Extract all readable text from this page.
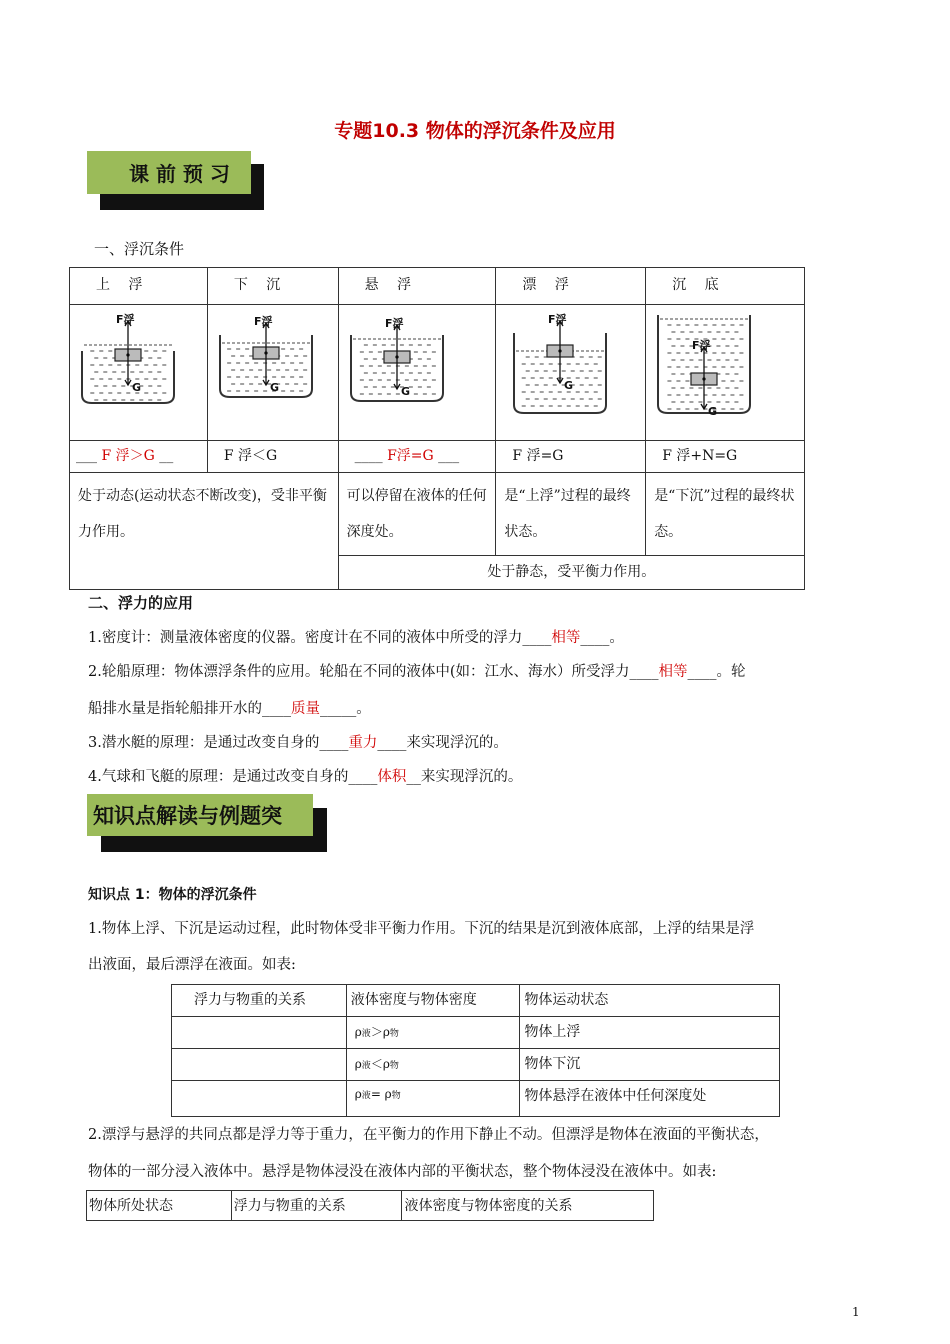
专题10.3 物体的浮沉条件及应用
课 前 预 习
一、浮沉条件
上　 浮	下　 沉	悬　 浮	漂　 浮	沉　 底

F浮
G	F浮
G	F浮
G	F浮
G	F浮
G

___ F 浮＞G __	F 浮＜G	____ F浮=G ___	F 浮=G	F 浮+N=G
处于动态(运动状态不断改变)，受非平衡力作用。		可以停留在液体的任何深度处。	是“上浮”过程的最终状态。	是“下沉”过程的最终状态。
		处于静态，受平衡力作用。		
二、浮力的应用
1.密度计：测量液体密度的仪器。密度计在不同的液体中所受的浮力____相等____。
2.轮船原理：物体漂浮条件的应用。轮船在不同的液体中(如：江水、海水）所受浮力____相等____。轮
船排水量是指轮船排开水的____质量_____。
3.潜水艇的原理：是通过改变自身的____重力____来实现浮沉的。
4.气球和飞艇的原理：是通过改变自身的____体积__来实现浮沉的。
知识点解读与例题突
知识点 1：物体的浮沉条件
1.物体上浮、下沉是运动过程，此时物体受非平衡力作用。下沉的结果是沉到液体底部，上浮的结果是浮
出液面，最后漂浮在液面。如表:
浮力与物重的关系	液体密度与物体密度	物体运动状态
	ρ液＞ρ物	物体上浮
	ρ液＜ρ物	物体下沉
	ρ液= ρ物	物体悬浮在液体中任何深度处
2.漂浮与悬浮的共同点都是浮力等于重力，在平衡力的作用下静止不动。但漂浮是物体在液面的平衡状态，
物体的一部分浸入液体中。悬浮是物体浸没在液体内部的平衡状态，整个物体浸没在液体中。如表:
物体所处状态	浮力与物重的关系	液体密度与物体密度的关系
1
